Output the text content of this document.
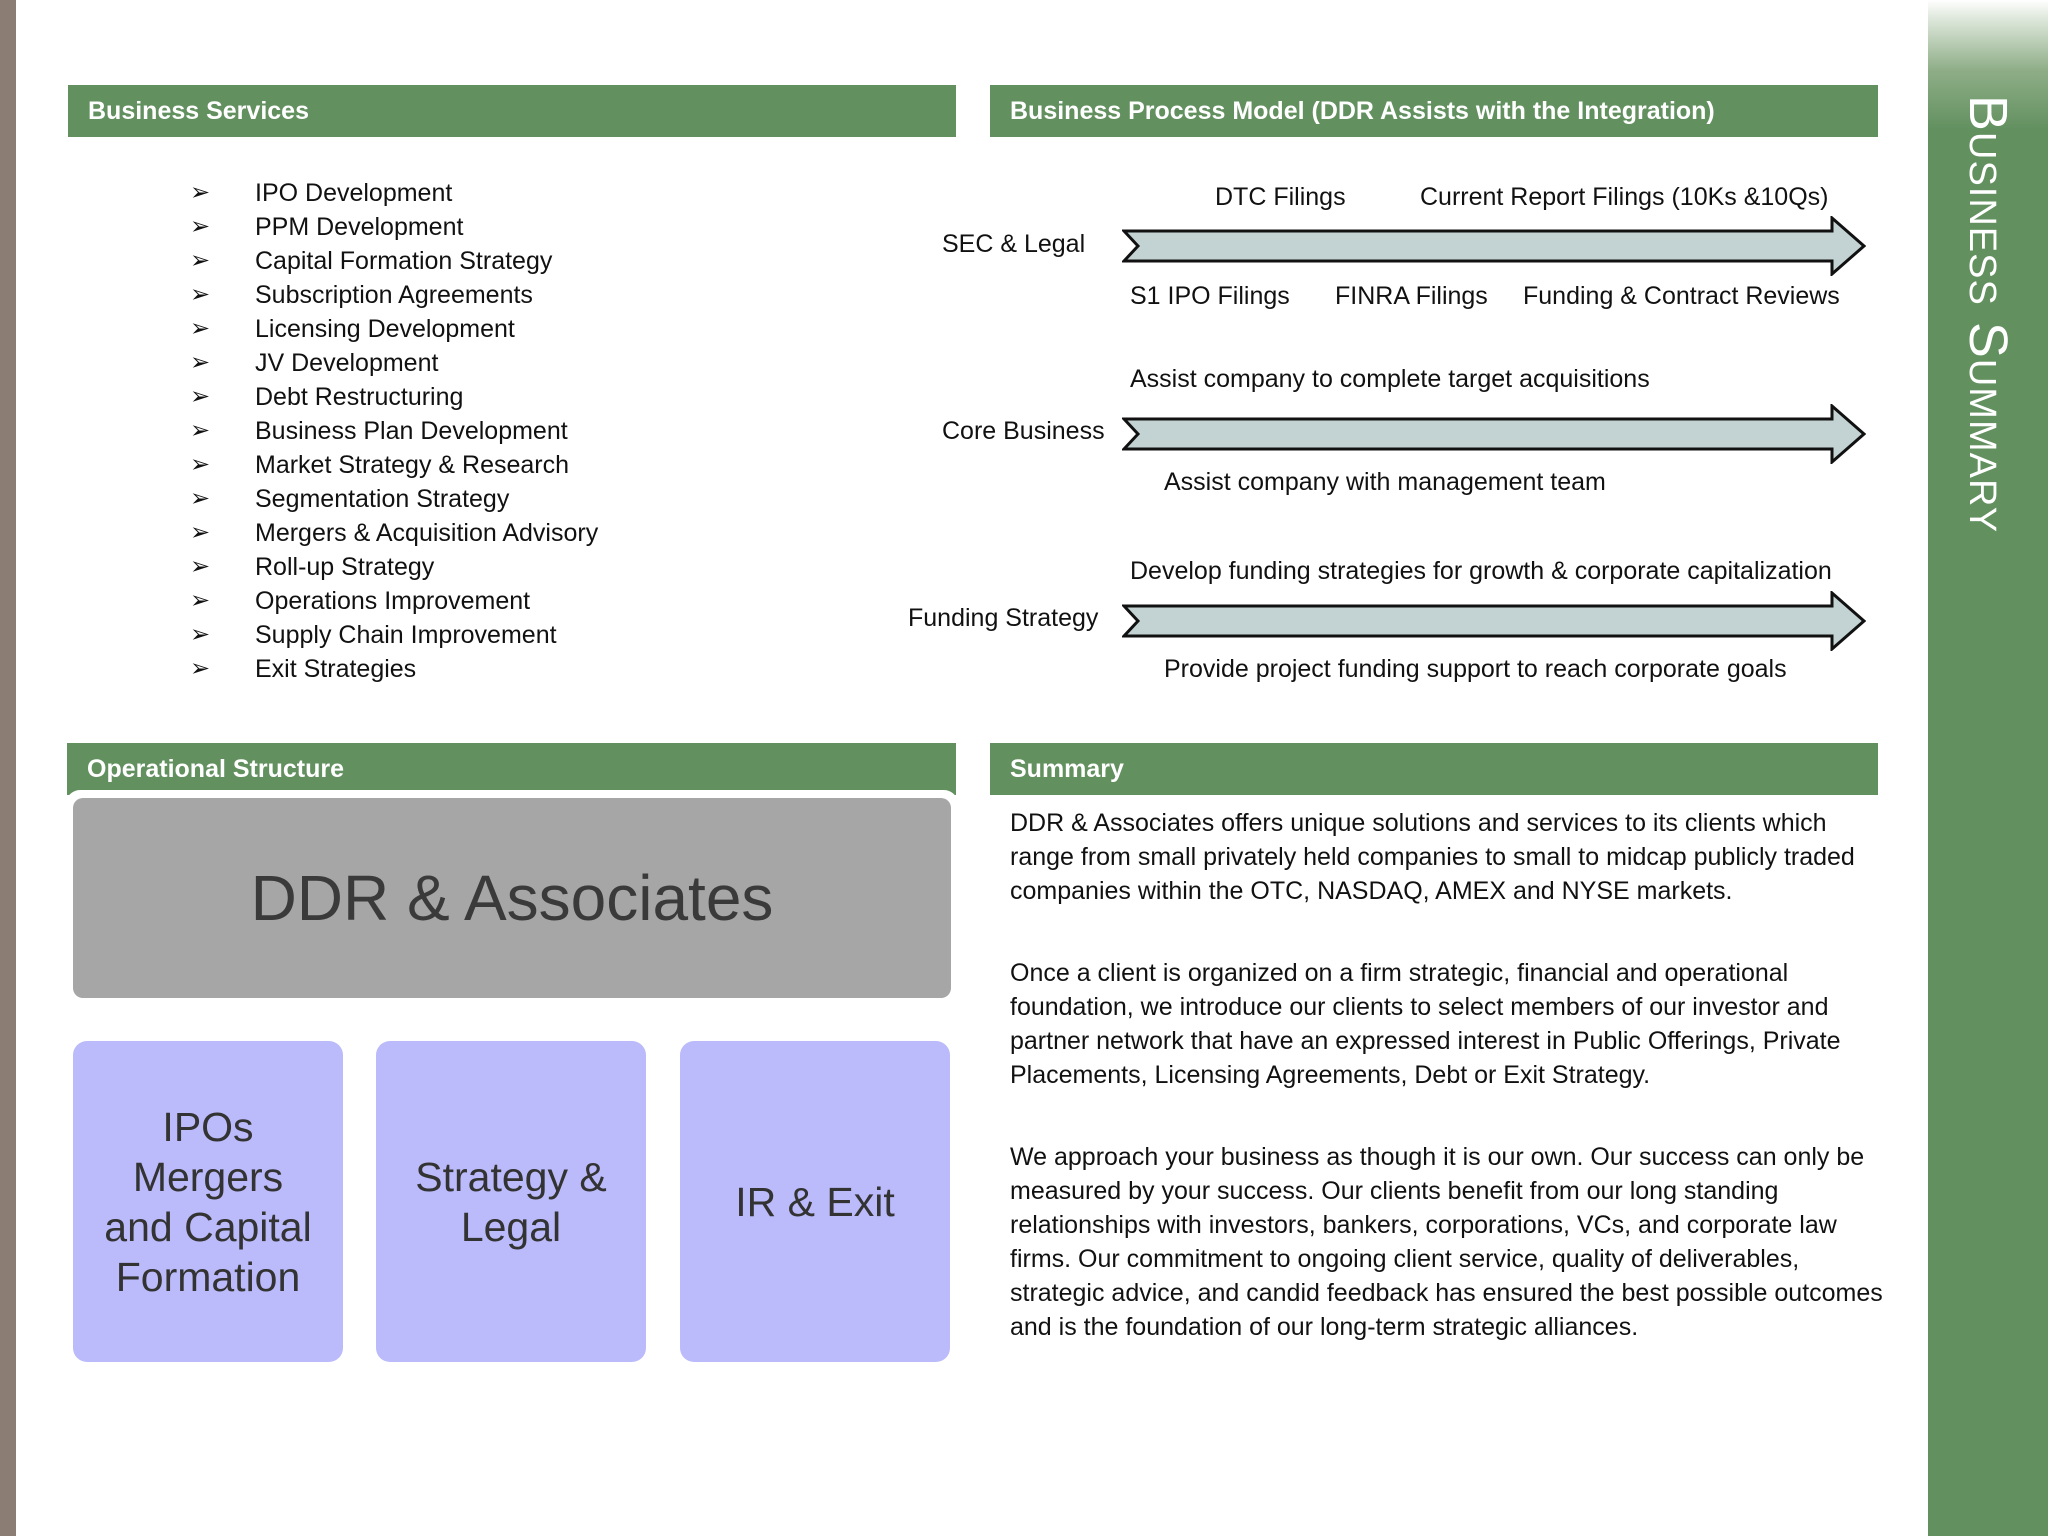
Business Summary
Business Services
➢ IPO Development
➢ PPM Development
➢ Capital Formation Strategy
➢ Subscription Agreements
➢ Licensing Development
➢ JV Development
➢ Debt Restructuring
➢ Business Plan Development
➢ Market Strategy & Research
➢ Segmentation Strategy
➢ Mergers & Acquisition Advisory
➢ Roll-up Strategy
➢ Operations Improvement
➢ Supply Chain Improvement
➢ Exit Strategies
Business Process Model (DDR Assists with the Integration)
SEC & Legal
DTC Filings	Current Report Filings (10Ks &10Qs)
S1 IPO Filings FINRA Filings Funding & Contract Reviews
Core Business
Assist company to complete target acquisitions
Assist company with management team
Funding Strategy
Develop funding strategies for growth & corporate capitalization
Provide project funding support to reach corporate goals
Operational Structure
DDR & Associates
IPOs
Mergers
and Capital
Formation
Strategy &
Legal
IR & Exit
Summary

DDR & Associates offers unique solutions and services to its clients which range from small privately held companies to small to midcap publicly traded companies within the OTC, NASDAQ, AMEX and NYSE markets.

Once a client is organized on a firm strategic, financial and operational foundation, we introduce our clients to select members of our investor and partner network that have an expressed interest in Public Offerings, Private Placements, Licensing Agreements, Debt or Exit Strategy.

We approach your business as though it is our own. Our success can only be measured by your success. Our clients benefit from our long standing relationships with investors, bankers, corporations, VCs, and corporate law firms. Our commitment to ongoing client service, quality of deliverables, strategic advice, and candid feedback has ensured the best possible outcomes and is the foundation of our long-term strategic alliances.
